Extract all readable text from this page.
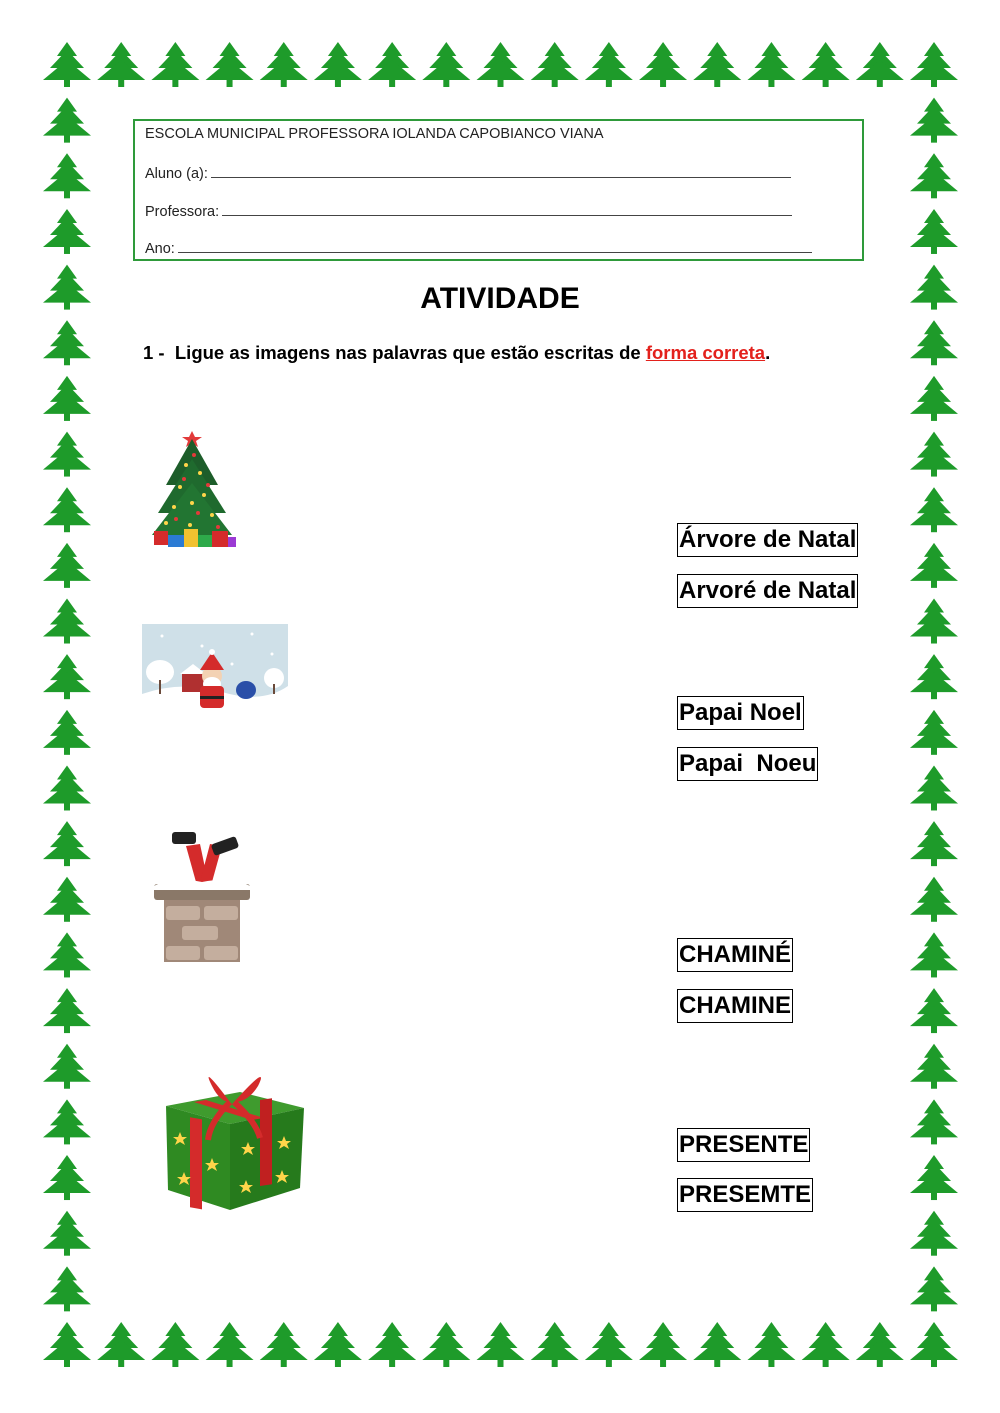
ESCOLA MUNICIPAL PROFESSORA IOLANDA CAPOBIANCO VIANA
Aluno (a):
Professora:
Ano:
ATIVIDADE
1 - Ligue as imagens nas palavras que estão escritas de forma correta.
Árvore de Natal
Arvoré de Natal
Papai Noel
Papai  Noeu
CHAMINÉ
CHAMINE
PRESENTE
PRESEMTE
